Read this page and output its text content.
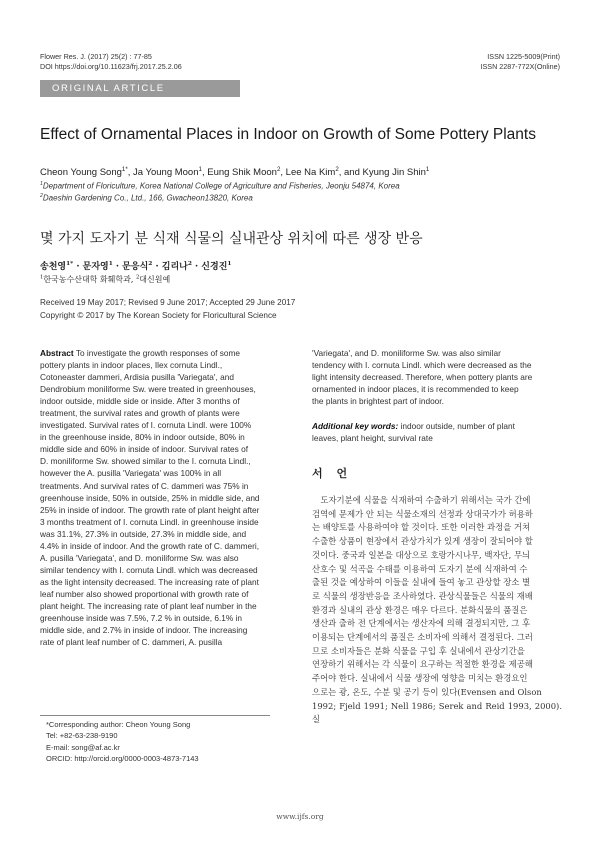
Flower Res. J. (2017) 25(2) : 77-85
DOI https://doi.org/10.11623/frj.2017.25.2.06
ISSN 1225-5009(Print)
ISSN 2287-772X(Online)
ORIGINAL ARTICLE
Effect of Ornamental Places in Indoor on Growth of Some Pottery Plants
Cheon Young Song$^{1*}$, Ja Young Moon$^1$, Eung Shik Moon$^2$, Lee Na Kim$^2$, and Kyung Jin Shin$^1$
$^1$Department of Floriculture, Korea National College of Agriculture and Fisheries, Jeonju 54874, Korea
$^2$Daeshin Gardening Co., Ltd., 166, Gwacheon13820, Korea
몇 가지 도자기 분 식재 식물의 실내관상 위치에 따른 생장 반응
송천영$^{1*}$ · 문자영$^1$ · 문응식$^2$ · 김리나$^2$ · 신경진$^1$
$^1$한국농수산대학 화훼학과, $^2$대신원예
Received 19 May 2017; Revised 9 June 2017; Accepted 29 June 2017
Copyright © 2017 by The Korean Society for Floricultural Science
Abstract To investigate the growth responses of some
pottery plants in indoor places, Ilex cornuta Lindl.,
Cotoneaster dammeri, Ardisia pusilla 'Variegata', and
Dendrobium moniliforme Sw. were treated in greenhouses,
indoor outside, middle side or inside. After 3 months of
treatment, the survival rates and growth of plants were
investigated. Survival rates of I. cornuta Lindl. were 100%
in the greenhouse inside, 80% in indoor outside, 80% in
middle side and 60% in inside of indoor. Survival rates of
D. moniliforme Sw. showed similar to the I. cornuta Lindl.,
however the A. pusilla 'Variegata' was 100% in all
treatments. And survival rates of C. dammeri was 75% in
greenhouse inside, 50% in outside, 25% in middle side, and
25% in inside of indoor. The growth rate of plant height after
3 months treatment of I. cornuta Lindl. in greenhouse inside
was 31.1%, 27.3% in outside, 27.3% in middle side, and
4.4% in inside of indoor. And the growth rate of C. dammeri,
A. pusilla 'Variegata', and D. moniliforme Sw. was also
similar tendency with I. cornuta Lindl. which was decreased
as the light intensity decreased. The increasing rate of plant
leaf number also showed proportional with growth rate of
plant height. The increasing rate of plant leaf number in the
greenhouse inside was 7.5%, 7.2 % in outside, 6.1% in
middle side, and 2.7% in inside of indoor. The increasing
rate of plant leaf number of C. dammeri, A. pusilla
'Variegata', and D. moniliforme Sw. was also similar
tendency with I. cornuta Lindl. which were decreased as the
light intensity decreased. Therefore, when pottery plants are
ornamented in indoor places, it is recommended to keep
the plants in brightest part of indoor.
Additional key words: indoor outside, number of plant
leaves, plant height, survival rate
서 언
　도자기분에 식물을 식재하여 수출하기 위해서는 국가 간에
검역에 문제가 안 되는 식물소재의 선정과 상대국가가 허용하
는 배양토를 사용하여야 할 것이다. 또한 이러한 과정을 거쳐
수출한 상품이 현장에서 관상가치가 있게 생장이 잘되어야 할
것이다. 중국과 일본을 대상으로 호랑가시나무, 백자단, 무늬
산호수 및 석곡을 수태를 이용하여 도자기 분에 식재하여 수
출된 것을 예상하여 이들을 실내에 들여 놓고 관상할 장소 별
로 식물의 생장반응을 조사하였다. 관상식물들은 식물의 재배
환경과 실내의 관상 환경은 매우 다르다. 분화식물의 품질은
생산과 출하 전 단계에서는 생산자에 의해 결정되지만, 그 후
이용되는 단계에서의 품질은 소비자에 의해서 결정된다. 그러
므로 소비자들은 분화 식물을 구입 후 실내에서 관상기간을
연장하기 위해서는 각 식물이 요구하는 적절한 환경을 제공해
주어야 한다. 실내에서 식물 생장에 영향을 미치는 환경요인
으로는 광, 온도, 수분 및 공기 등이 있다(Evensen and Olson
1992; Fjeld 1991; Nell 1986; Serek and Reid 1993, 2000). 실
*Corresponding author: Cheon Young Song
Tel: +82-63-238-9190
E-mail: song@af.ac.kr
ORCID: http://orcid.org/0000-0003-4873-7143
www.ijfs.org
